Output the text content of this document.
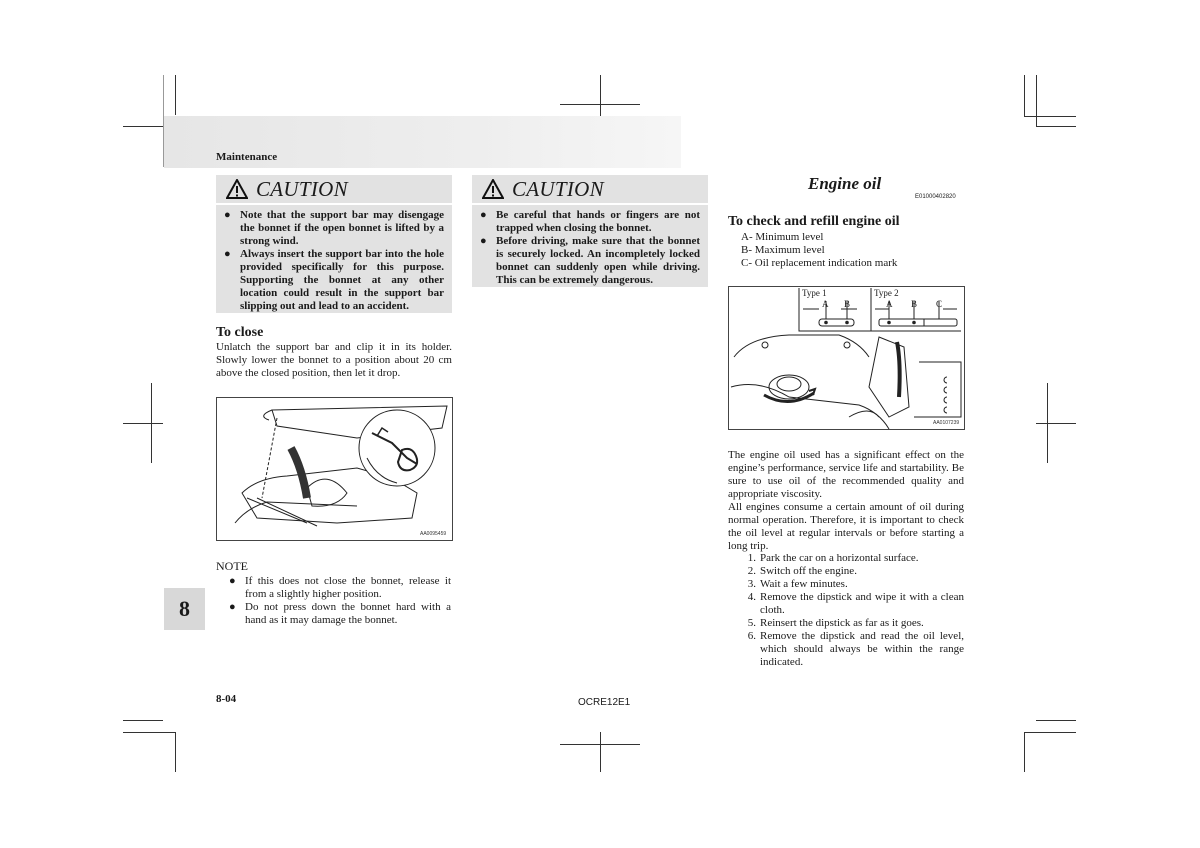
Maintenance
CAUTION
● Note that the support bar may disengage the bonnet if the open bonnet is lifted by a strong wind.
● Always insert the support bar into the hole provided specifically for this purpose. Supporting the bonnet at any other location could result in the support bar slipping out and lead to an accident.
To close
Unlatch the support bar and clip it in its holder. Slowly lower the bonnet to a position about 20 cm above the closed position, then let it drop.
AA0095459
NOTE
● If this does not close the bonnet, release it from a slightly higher position.
● Do not press down the bonnet hard with a hand as it may damage the bonnet.
CAUTION
● Be careful that hands or fingers are not trapped when closing the bonnet.
● Before driving, make sure that the bonnet is securely locked. An incompletely locked bonnet can suddenly open while driving. This can be extremely dangerous.
Engine oil
E01000402820
To check and refill engine oil
A- Minimum level
B- Maximum level
C- Oil replacement indication mark
Type 1	Type 2
A B	A B C
AA0107239
The engine oil used has a significant effect on the engine’s performance, service life and startability. Be sure to use oil of the recommended quality and appropriate viscosity.
All engines consume a certain amount of oil during normal operation. Therefore, it is important to check the oil level at regular intervals or before starting a long trip.
1. Park the car on a horizontal surface.
2. Switch off the engine.
3. Wait a few minutes.
4. Remove the dipstick and wipe it with a clean cloth.
5. Reinsert the dipstick as far as it goes.
6. Remove the dipstick and read the oil level, which should always be within the range indicated.
8
8-04	OCRE12E1
